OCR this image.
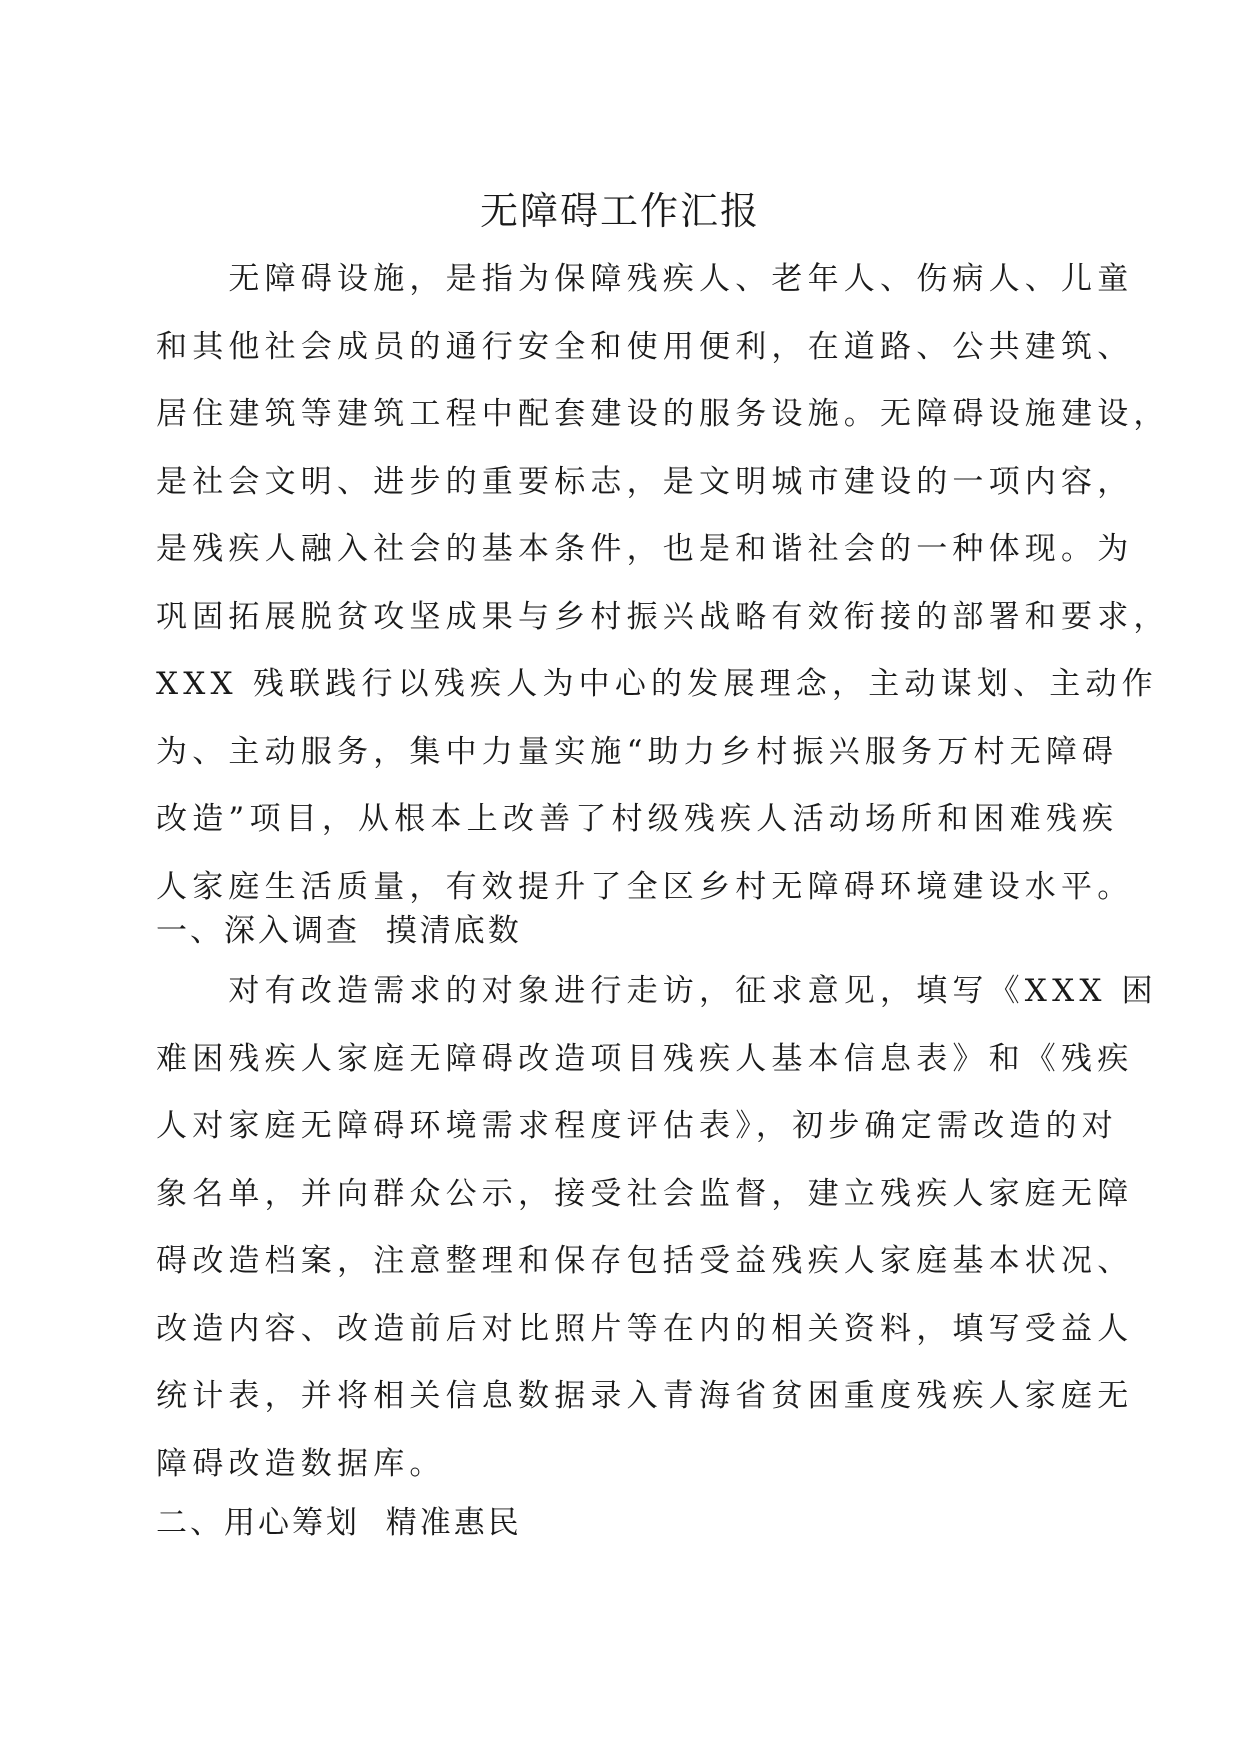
无障碍工作汇报
　　无障碍设施，是指为保障残疾人、老年人、伤病人、儿童
和其他社会成员的通行安全和使用便利，在道路、公共建筑、
居住建筑等建筑工程中配套建设的服务设施。无障碍设施建设，
是社会文明、进步的重要标志，是文明城市建设的一项内容，
是残疾人融入社会的基本条件，也是和谐社会的一种体现。为
巩固拓展脱贫攻坚成果与乡村振兴战略有效衔接的部署和要求，
XXX 残联践行以残疾人为中心的发展理念，主动谋划、主动作
为、主动服务，集中力量实施“助力乡村振兴服务万村无障碍
改造”项目，从根本上改善了村级残疾人活动场所和困难残疾
人家庭生活质量，有效提升了全区乡村无障碍环境建设水平。
一、深入调查  摸清底数
　　对有改造需求的对象进行走访，征求意见，填写《XXX 困
难困残疾人家庭无障碍改造项目残疾人基本信息表》和《残疾
人对家庭无障碍环境需求程度评估表》，初步确定需改造的对
象名单，并向群众公示，接受社会监督，建立残疾人家庭无障
碍改造档案，注意整理和保存包括受益残疾人家庭基本状况、
改造内容、改造前后对比照片等在内的相关资料，填写受益人
统计表，并将相关信息数据录入青海省贫困重度残疾人家庭无
障碍改造数据库。
二、用心筹划  精准惠民
